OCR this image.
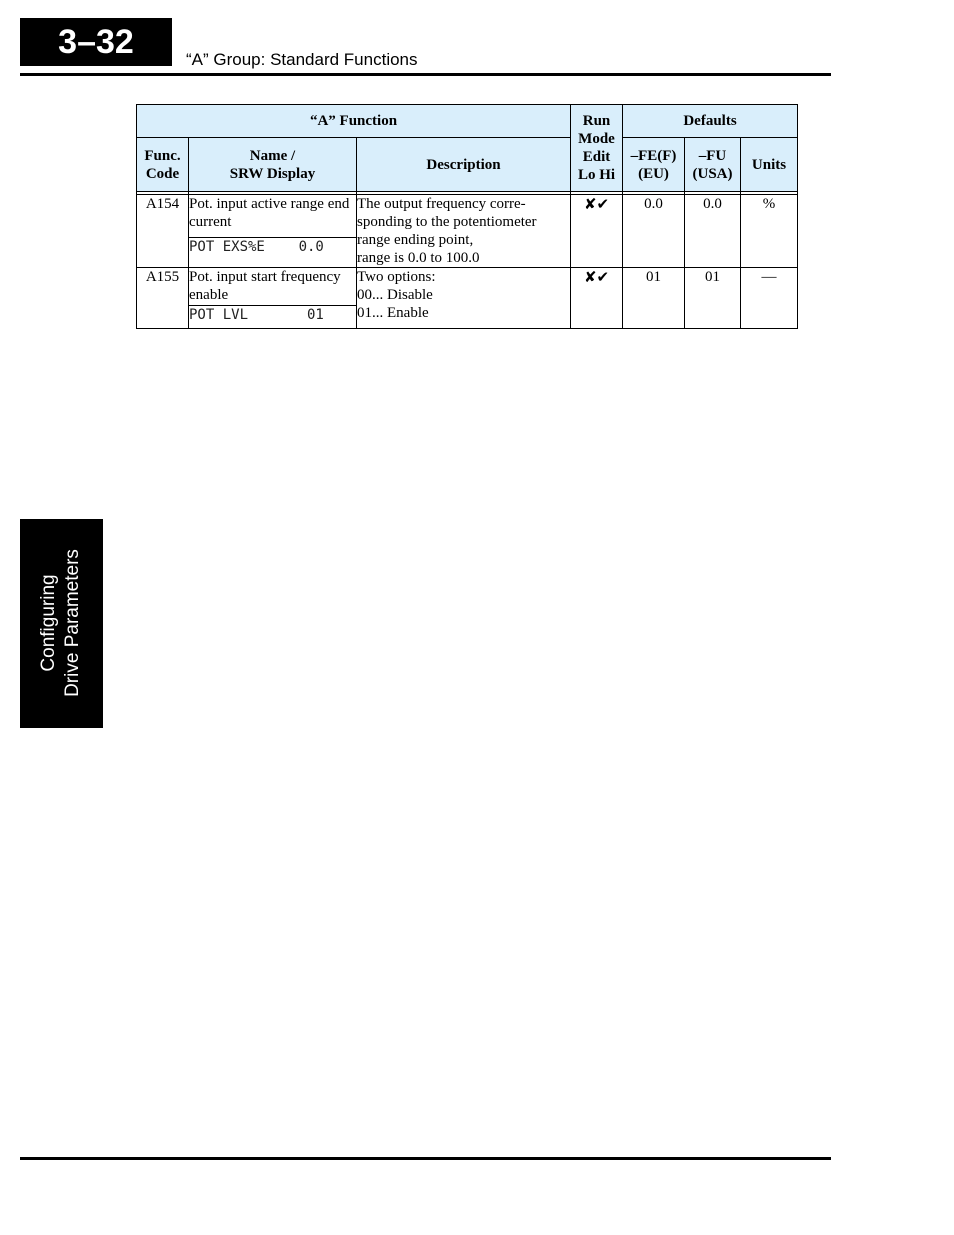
3–32	“A” Group: Standard Functions
“A” Function			Run
Mode
Edit
Lo Hi	Defaults		

Func.
Code	Name /
SRW Display	Description		–FE(F)
(EU)	–FU
(USA)	Units

A154	Pot. input active range end current	The output frequency corre-
sponding to the potentiometer
range ending point,
range is 0.0 to 100.0	✘✔	0.0	0.0	%
	POT EXS%E    0.0					
A155	Pot. input start frequency enable	Two options:
00... Disable
01... Enable	✘✔	01	01	—
	POT LVL       01					
Configuring Drive Parameters
